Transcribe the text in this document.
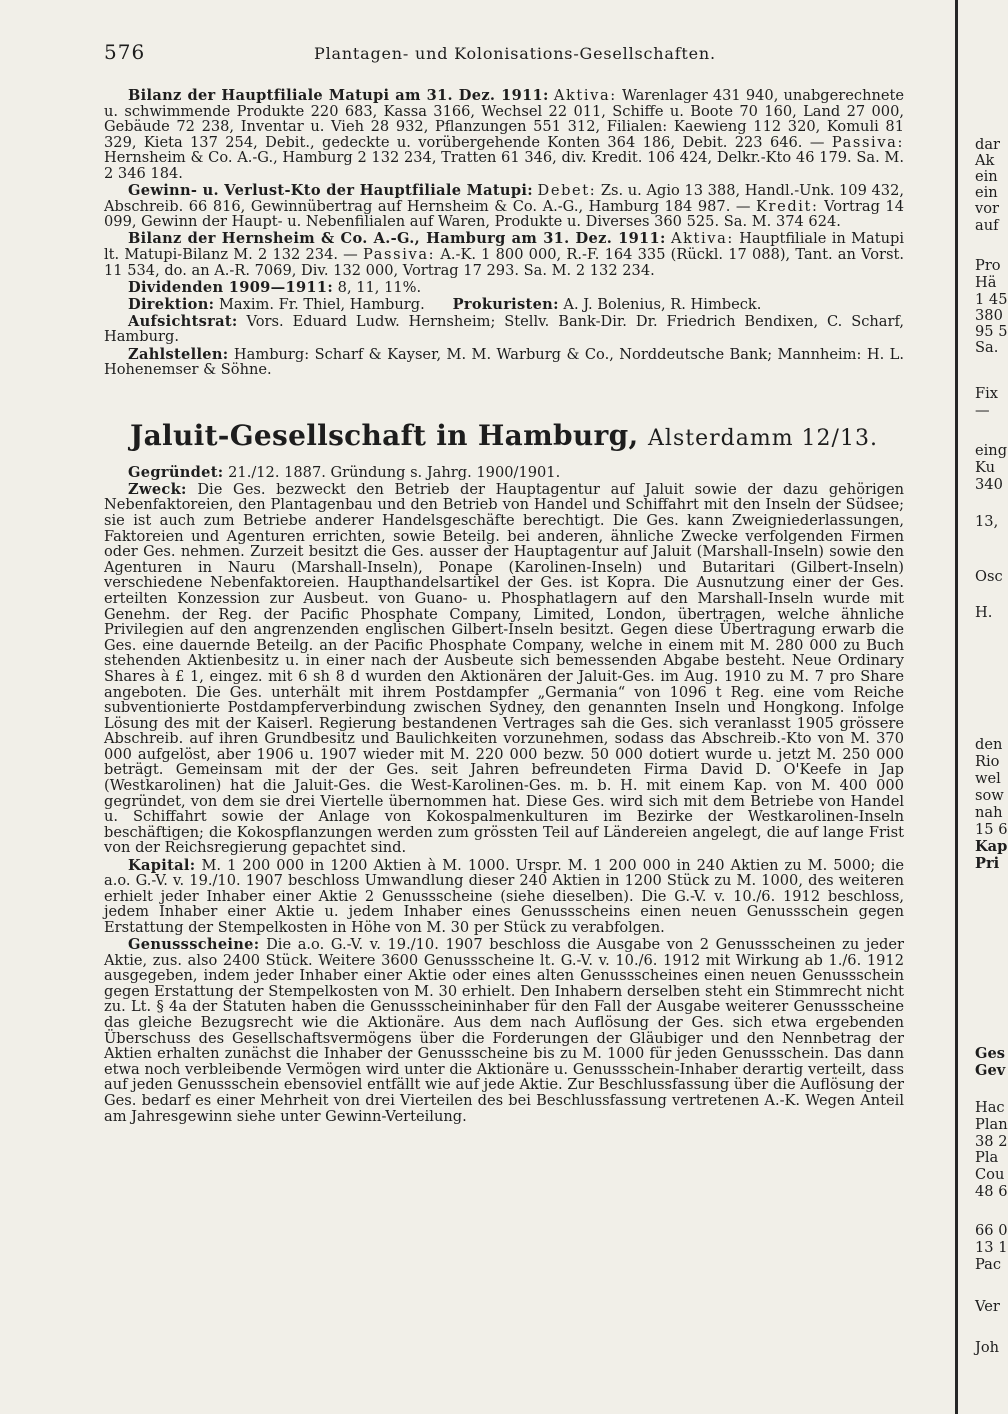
576	Plantagen- und Kolonisations-Gesellschaften.

Bilanz der Hauptfiliale Matupi am 31. Dez. 1911: Aktiva: Warenlager 431 940, unabgerechnete u. schwimmende Produkte 220 683, Kassa 3166, Wechsel 22 011, Schiffe u. Boote 70 160, Land 27 000, Gebäude 72 238, Inventar u. Vieh 28 932, Pflanzungen 551 312, Filialen: Kaewieng 112 320, Komuli 81 329, Kieta 137 254, Debit., gedeckte u. vorübergehende Konten 364 186, Debit. 223 646. — Passiva: Hernsheim & Co. A.-G., Hamburg 2 132 234, Tratten 61 346, div. Kredit. 106 424, Delkr.-Kto 46 179. Sa. M. 2 346 184.

Gewinn- u. Verlust-Kto der Hauptfiliale Matupi: Debet: Zs. u. Agio 13 388, Handl.-Unk. 109 432, Abschreib. 66 816, Gewinnübertrag auf Hernsheim & Co. A.-G., Hamburg 184 987. — Kredit: Vortrag 14 099, Gewinn der Haupt- u. Nebenfilialen auf Waren, Produkte u. Diverses 360 525. Sa. M. 374 624.

Bilanz der Hernsheim & Co. A.-G., Hamburg am 31. Dez. 1911: Aktiva: Hauptfiliale in Matupi lt. Matupi-Bilanz M. 2 132 234. — Passiva: A.-K. 1 800 000, R.-F. 164 335 (Rückl. 17 088), Tant. an Vorst. 11 534, do. an A.-R. 7069, Div. 132 000, Vortrag 17 293. Sa. M. 2 132 234.

Dividenden 1909—1911: 8, 11, 11%.

Direktion: Maxim. Fr. Thiel, Hamburg. Prokuristen: A. J. Bolenius, R. Himbeck.

Aufsichtsrat: Vors. Eduard Ludw. Hernsheim; Stellv. Bank-Dir. Dr. Friedrich Bendixen, C. Scharf, Hamburg.

Zahlstellen: Hamburg: Scharf & Kayser, M. M. Warburg & Co., Norddeutsche Bank; Mannheim: H. L. Hohenemser & Söhne.

Jaluit-Gesellschaft in Hamburg, Alsterdamm 12/13.

Gegründet: 21./12. 1887. Gründung s. Jahrg. 1900/1901.

Zweck: Die Ges. bezweckt den Betrieb der Hauptagentur auf Jaluit sowie der dazu gehörigen Nebenfaktoreien, den Plantagenbau und den Betrieb von Handel und Schiffahrt mit den Inseln der Südsee; sie ist auch zum Betriebe anderer Handelsgeschäfte berechtigt. Die Ges. kann Zweigniederlassungen, Faktoreien und Agenturen errichten, sowie Beteilg. bei anderen, ähnliche Zwecke verfolgenden Firmen oder Ges. nehmen. Zurzeit besitzt die Ges. ausser der Hauptagentur auf Jaluit (Marshall-Inseln) sowie den Agenturen in Nauru (Marshall-Inseln), Ponape (Karolinen-Inseln) und Butaritari (Gilbert-Inseln) verschiedene Nebenfaktoreien. Haupthandelsartikel der Ges. ist Kopra. Die Ausnutzung einer der Ges. erteilten Konzession zur Ausbeut. von Guano- u. Phosphatlagern auf den Marshall-Inseln wurde mit Genehm. der Reg. der Pacific Phosphate Company, Limited, London, übertragen, welche ähnliche Privilegien auf den angrenzenden englischen Gilbert-Inseln besitzt. Gegen diese Übertragung erwarb die Ges. eine dauernde Beteilg. an der Pacific Phosphate Company, welche in einem mit M. 280 000 zu Buch stehenden Aktienbesitz u. in einer nach der Ausbeute sich bemessenden Abgabe besteht. Neue Ordinary Shares à £ 1, eingez. mit 6 sh 8 d wurden den Aktionären der Jaluit-Ges. im Aug. 1910 zu M. 7 pro Share angeboten. Die Ges. unterhält mit ihrem Postdampfer „Germania“ von 1096 t Reg. eine vom Reiche subventionierte Postdampferverbindung zwischen Sydney, den genannten Inseln und Hongkong. Infolge Lösung des mit der Kaiserl. Regierung bestandenen Vertrages sah die Ges. sich veranlasst 1905 grössere Abschreib. auf ihren Grundbesitz und Baulichkeiten vorzunehmen, sodass das Abschreib.-Kto von M. 370 000 aufgelöst, aber 1906 u. 1907 wieder mit M. 220 000 bezw. 50 000 dotiert wurde u. jetzt M. 250 000 beträgt. Gemeinsam mit der der Ges. seit Jahren befreundeten Firma David D. O'Keefe in Jap (Westkarolinen) hat die Jaluit-Ges. die West-Karolinen-Ges. m. b. H. mit einem Kap. von M. 400 000 gegründet, von dem sie drei Viertelle übernommen hat. Diese Ges. wird sich mit dem Betriebe von Handel u. Schiffahrt sowie der Anlage von Kokospalmenkulturen im Bezirke der Westkarolinen-Inseln beschäftigen; die Kokospflanzungen werden zum grössten Teil auf Ländereien angelegt, die auf lange Frist von der Reichsregierung gepachtet sind.

Kapital: M. 1 200 000 in 1200 Aktien à M. 1000. Urspr. M. 1 200 000 in 240 Aktien zu M. 5000; die a.o. G.-V. v. 19./10. 1907 beschloss Umwandlung dieser 240 Aktien in 1200 Stück zu M. 1000, des weiteren erhielt jeder Inhaber einer Aktie 2 Genussscheine (siehe dieselben). Die G.-V. v. 10./6. 1912 beschloss, jedem Inhaber einer Aktie u. jedem Inhaber eines Genussscheins einen neuen Genussschein gegen Erstattung der Stempelkosten in Höhe von M. 30 per Stück zu verabfolgen.

Genussscheine: Die a.o. G.-V. v. 19./10. 1907 beschloss die Ausgabe von 2 Genussscheinen zu jeder Aktie, zus. also 2400 Stück. Weitere 3600 Genussscheine lt. G.-V. v. 10./6. 1912 mit Wirkung ab 1./6. 1912 ausgegeben, indem jeder Inhaber einer Aktie oder eines alten Genussscheines einen neuen Genussschein gegen Erstattung der Stempelkosten von M. 30 erhielt. Den Inhabern derselben steht ein Stimmrecht nicht zu. Lt. § 4a der Statuten haben die Genussscheininhaber für den Fall der Ausgabe weiterer Genussscheine das gleiche Bezugsrecht wie die Aktionäre. Aus dem nach Auflösung der Ges. sich etwa ergebenden Überschuss des Gesellschaftsvermögens über die Forderungen der Gläubiger und den Nennbetrag der Aktien erhalten zunächst die Inhaber der Genussscheine bis zu M. 1000 für jeden Genussschein. Das dann etwa noch verbleibende Vermögen wird unter die Aktionäre u. Genussschein-Inhaber derartig verteilt, dass auf jeden Genussschein ebensoviel entfällt wie auf jede Aktie. Zur Beschlussfassung über die Auflösung der Ges. bedarf es einer Mehrheit von drei Vierteilen des bei Beschlussfassung vertretenen A.-K. Wegen Anteil am Jahresgewinn siehe unter Gewinn-Verteilung.

dar
Ak
ein
ein
vor
auf
Pro
Hä
1 45
380
95 5
Sa.
Fix
—
eing
Ku
340
13,
Osc
H.
den
Rio
wel
sow
nah
15 6
Kap
Pri
Ges
Gev
Hac
Plan
38 2
Pla
Cou
48 6
66 0
13 1
Pac
Ver
Joh
